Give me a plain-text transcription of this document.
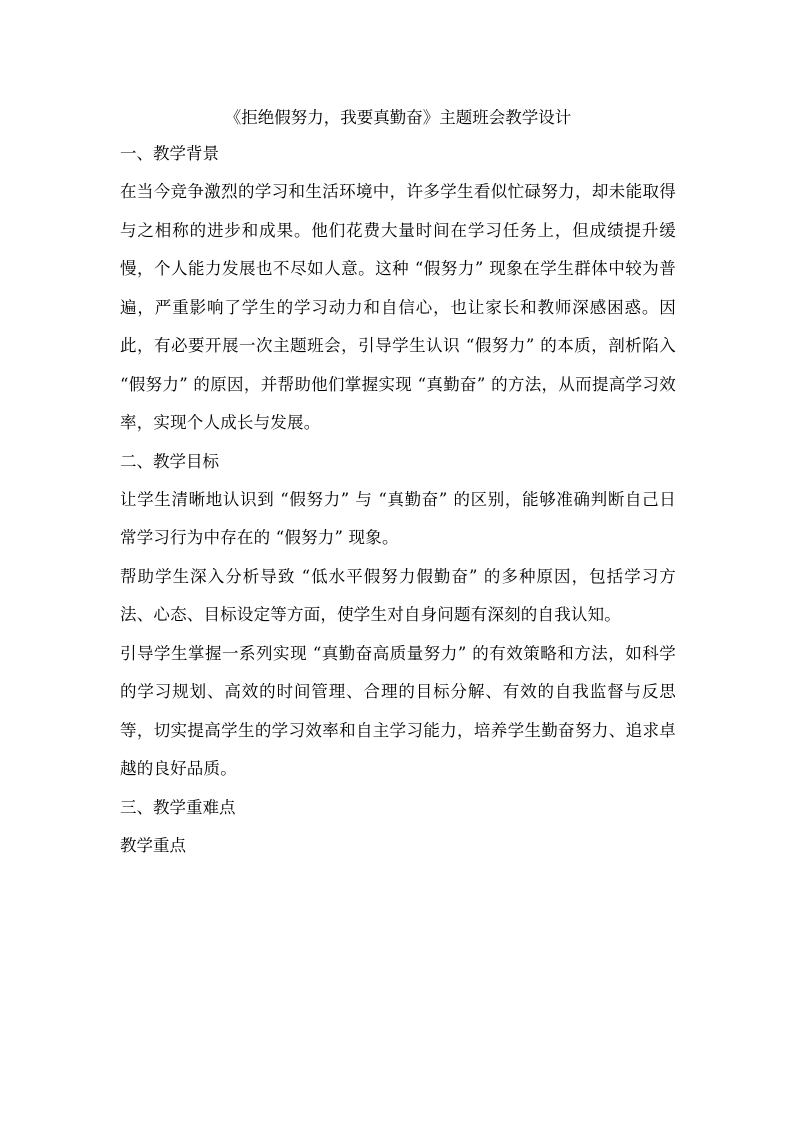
《拒绝假努力，我要真勤奋》主题班会教学设计
一、教学背景

在当今竞争激烈的学习和生活环境中，许多学生看似忙碌努力，却未能取得与之相称的进步和成果。他们花费大量时间在学习任务上，但成绩提升缓慢，个人能力发展也不尽如人意。这种 “假努力” 现象在学生群体中较为普遍，严重影响了学生的学习动力和自信心，也让家长和教师深感困惑。因此，有必要开展一次主题班会，引导学生认识 “假努力” 的本质，剖析陷入 “假努力” 的原因，并帮助他们掌握实现 “真勤奋” 的方法，从而提高学习效率，实现个人成长与发展。

二、教学目标

让学生清晰地认识到 “假努力” 与 “真勤奋” 的区别，能够准确判断自己日常学习行为中存在的 “假努力” 现象。

帮助学生深入分析导致 “低水平假努力假勤奋” 的多种原因，包括学习方法、心态、目标设定等方面，使学生对自身问题有深刻的自我认知。

引导学生掌握一系列实现 “真勤奋高质量努力” 的有效策略和方法，如科学的学习规划、高效的时间管理、合理的目标分解、有效的自我监督与反思等，切实提高学生的学习效率和自主学习能力，培养学生勤奋努力、追求卓越的良好品质。

三、教学重难点
教学重点
